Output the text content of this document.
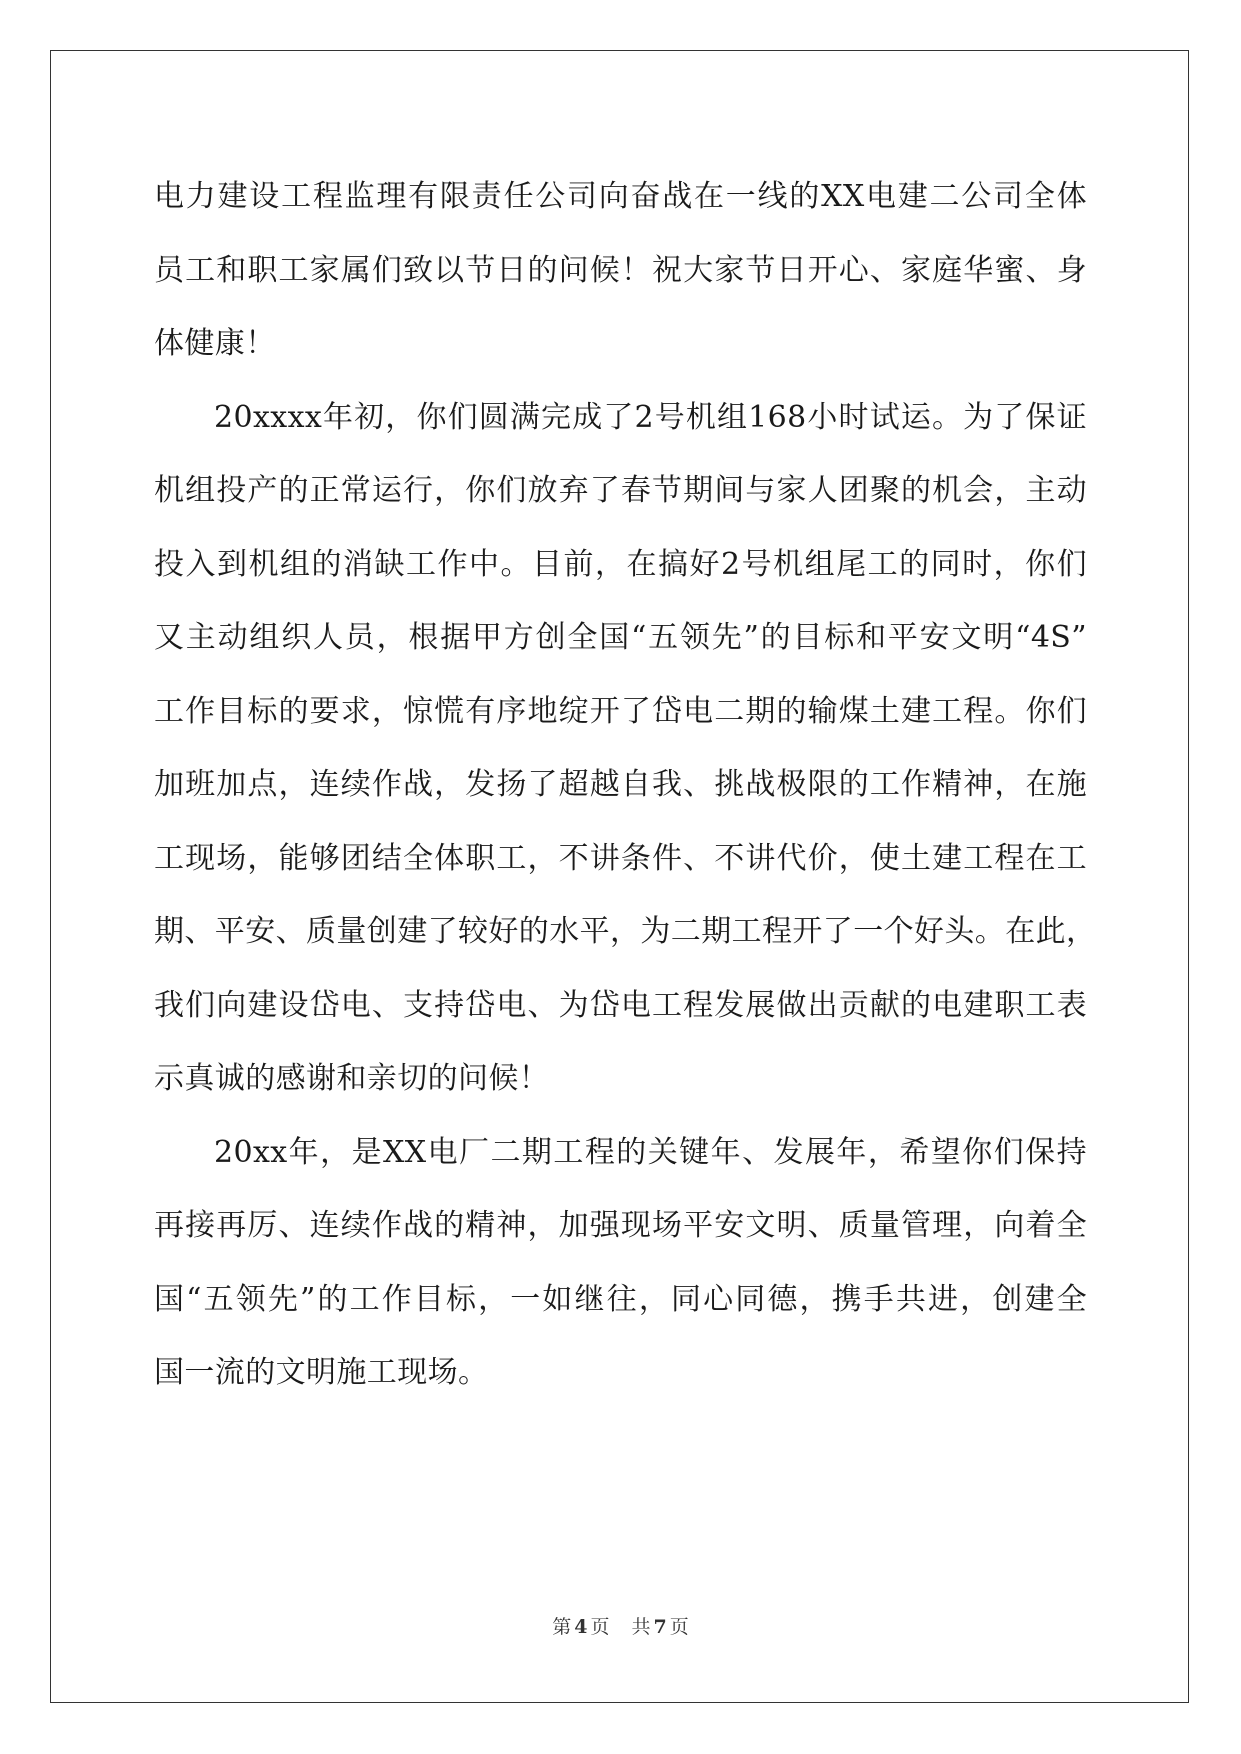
电力建设工程监理有限责任公司向奋战在一线的XX电建二公司全体
员工和职工家属们致以节日的问候！祝大家节日开心、家庭华蜜、身
体健康！
20xxxx年初，你们圆满完成了2号机组168小时试运。为了保证
机组投产的正常运行，你们放弃了春节期间与家人团聚的机会，主动
投入到机组的消缺工作中。目前，在搞好2号机组尾工的同时，你们
又主动组织人员，根据甲方创全国“五领先”的目标和平安文明“4S”
工作目标的要求，惊慌有序地绽开了岱电二期的输煤土建工程。你们
加班加点，连续作战，发扬了超越自我、挑战极限的工作精神，在施
工现场，能够团结全体职工，不讲条件、不讲代价，使土建工程在工
期、平安、质量创建了较好的水平，为二期工程开了一个好头。在此，
我们向建设岱电、支持岱电、为岱电工程发展做出贡献的电建职工表
示真诚的感谢和亲切的问候！
20xx年，是XX电厂二期工程的关键年、发展年，希望你们保持
再接再厉、连续作战的精神，加强现场平安文明、质量管理，向着全
国“五领先”的工作目标，一如继往，同心同德，携手共进，创建全
国一流的文明施工现场。
第 4 页 共 7 页
